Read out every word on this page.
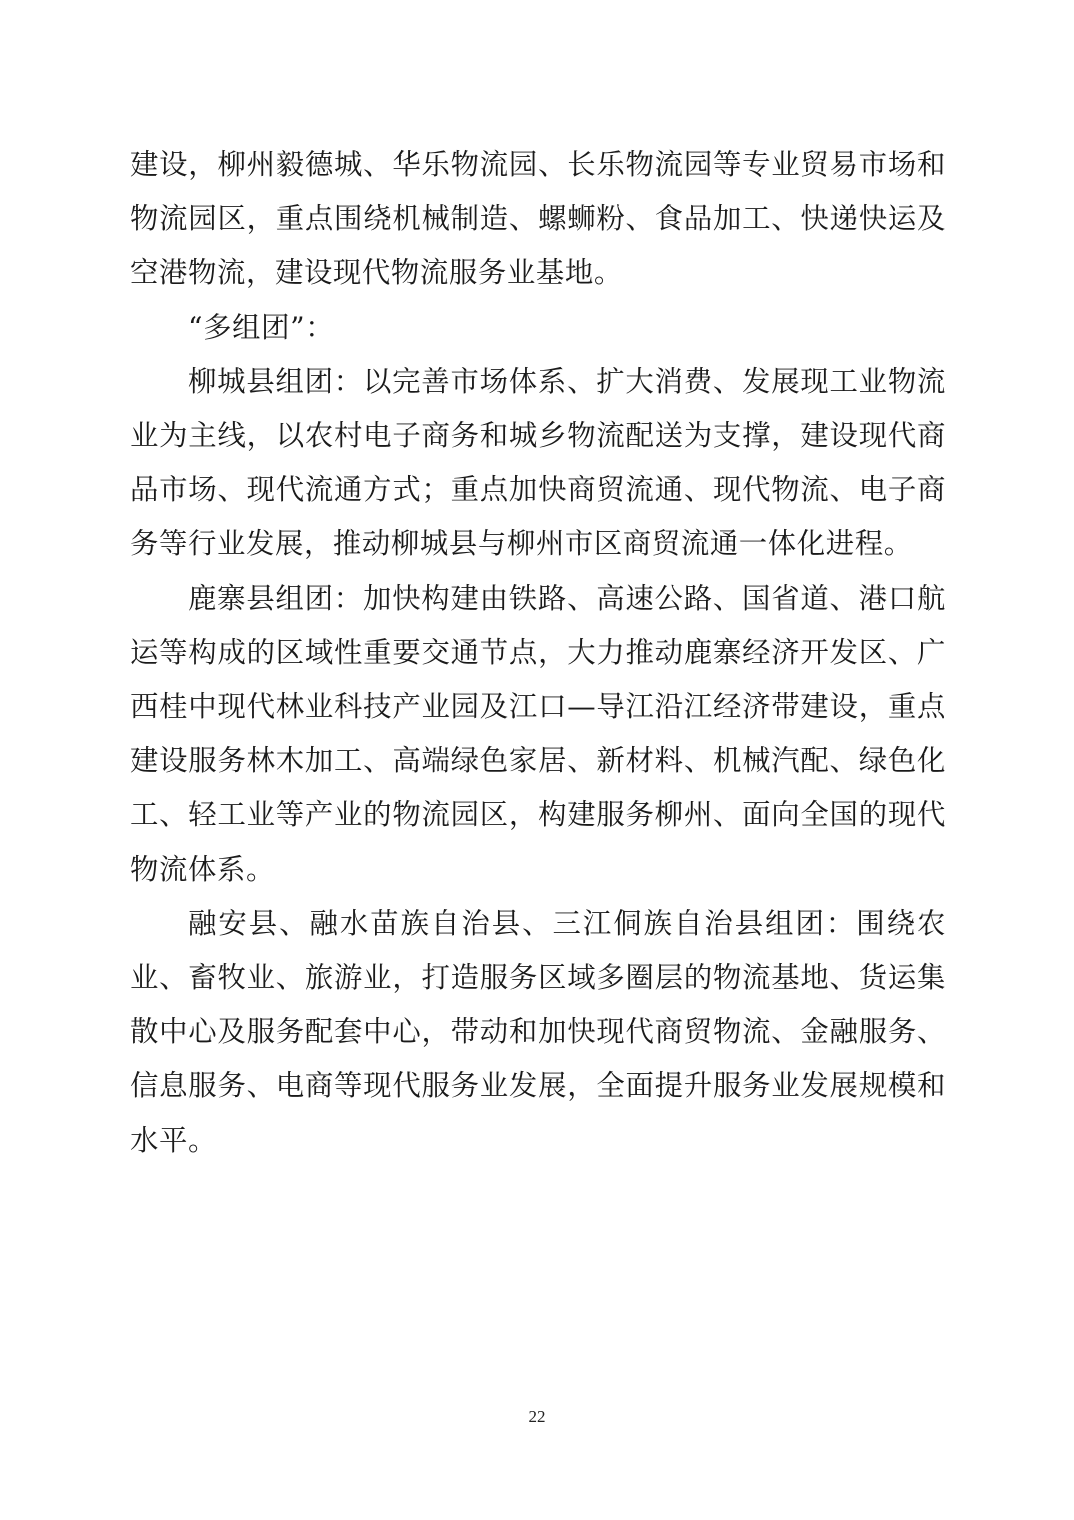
建设，柳州毅德城、华乐物流园、长乐物流园等专业贸易市场和物流园区，重点围绕机械制造、螺蛳粉、食品加工、快递快运及空港物流，建设现代物流服务业基地。

“多组团”：

柳城县组团：以完善市场体系、扩大消费、发展现工业物流业为主线，以农村电子商务和城乡物流配送为支撑，建设现代商品市场、现代流通方式；重点加快商贸流通、现代物流、电子商务等行业发展，推动柳城县与柳州市区商贸流通一体化进程。

鹿寨县组团：加快构建由铁路、高速公路、国省道、港口航运等构成的区域性重要交通节点，大力推动鹿寨经济开发区、广西桂中现代林业科技产业园及江口—导江沿江经济带建设，重点建设服务林木加工、高端绿色家居、新材料、机械汽配、绿色化工、轻工业等产业的物流园区，构建服务柳州、面向全国的现代物流体系。

融安县、融水苗族自治县、三江侗族自治县组团：围绕农业、畜牧业、旅游业，打造服务区域多圈层的物流基地、货运集散中心及服务配套中心，带动和加快现代商贸物流、金融服务、信息服务、电商等现代服务业发展，全面提升服务业发展规模和水平。

22
